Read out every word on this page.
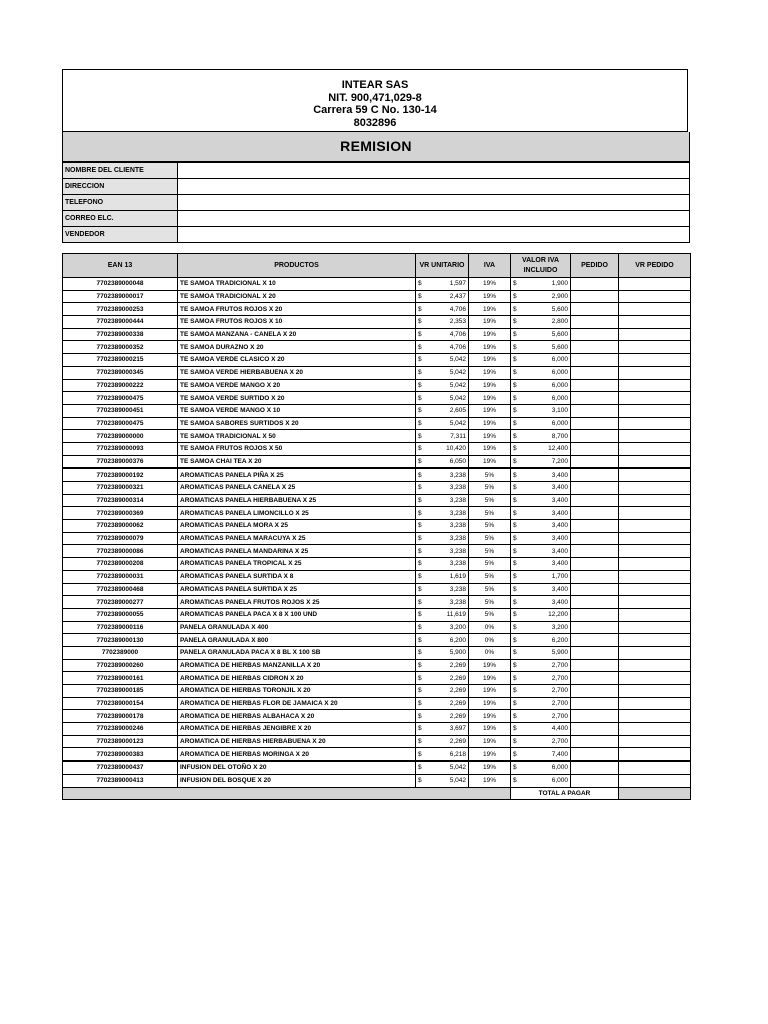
INTEAR SAS
NIT. 900,471,029-8
Carrera 59 C No. 130-14
8032896
REMISION
NOMBRE DEL CLIENTE	
DIRECCION	
TELEFONO	
CORREO ELC.	
VENDEDOR	
EAN 13	PRODUCTOS	VR UNITARIO	IVA	VALOR IVA INCLUIDO	PEDIDO	VR PEDIDO
7702389000048	TE SAMOA TRADICIONAL X 10	$ 1,597	19%	$ 1,900		

7702389000017	TE SAMOA TRADICIONAL X 20	$ 2,437	19%	$ 2,900		

7702389000253	TE SAMOA FRUTOS ROJOS X 20	$ 4,706	19%	$ 5,600		

7702389000444	TE SAMOA FRUTOS ROJOS X 10	$ 2,353	19%	$ 2,800		

7702389000338	TE SAMOA MANZANA - CANELA X 20	$ 4,706	19%	$ 5,600		

7702389000352	TE SAMOA DURAZNO X 20	$ 4,706	19%	$ 5,600		

7702389000215	TE SAMOA VERDE CLASICO X 20	$ 5,042	19%	$ 6,000		

7702389000345	TE SAMOA VERDE HIERBABUENA X 20	$ 5,042	19%	$ 6,000		

7702389000222	TE SAMOA VERDE MANGO X 20	$ 5,042	19%	$ 6,000		

7702389000475	TE SAMOA VERDE SURTIDO X 20	$ 5,042	19%	$ 6,000		

7702389000451	TE SAMOA VERDE MANGO X 10	$ 2,605	19%	$ 3,100		

7702389000475	TE SAMOA SABORES SURTIDOS X 20	$ 5,042	19%	$ 6,000		

7702389000000	TE SAMOA TRADICIONAL X 50	$ 7,311	19%	$ 8,700		

7702389000093	TE SAMOA FRUTOS ROJOS X 50	$ 10,420	19%	$ 12,400		

7702389000376	TE SAMOA CHAI TEA X 20	$ 6,050	19%	$ 7,200		

7702389000192	AROMATICAS PANELA PIÑA X 25	$ 3,238	5%	$ 3,400		

7702389000321	AROMATICAS PANELA CANELA X 25	$ 3,238	5%	$ 3,400		

7702389000314	AROMATICAS PANELA HIERBABUENA X 25	$ 3,238	5%	$ 3,400		

7702389000369	AROMATICAS PANELA LIMONCILLO X 25	$ 3,238	5%	$ 3,400		

7702389000062	AROMATICAS PANELA MORA X 25	$ 3,238	5%	$ 3,400		

7702389000079	AROMATICAS PANELA MARACUYA X 25	$ 3,238	5%	$ 3,400		

7702389000086	AROMATICAS PANELA MANDARINA X 25	$ 3,238	5%	$ 3,400		

7702389000208	AROMATICAS PANELA TROPICAL X 25	$ 3,238	5%	$ 3,400		

7702389000031	AROMATICAS PANELA SURTIDA X 8	$ 1,619	5%	$ 1,700		

7702389000468	AROMATICAS PANELA SURTIDA X 25	$ 3,238	5%	$ 3,400		

7702389000277	AROMATICAS PANELA FRUTOS ROJOS X 25	$ 3,238	5%	$ 3,400		

7702389000055	AROMATICAS PANELA PACA X 8 X 100 UND	$ 11,619	5%	$ 12,200		

7702389000116	PANELA GRANULADA X 400	$ 3,200	0%	$ 3,200		

7702389000130	PANELA GRANULADA X 800	$ 6,200	0%	$ 6,200		

7702389000	PANELA GRANULADA PACA X 8 BL X 100 SB	$ 5,900	0%	$ 5,900		

7702389000260	AROMATICA DE HIERBAS MANZANILLA X 20	$ 2,269	19%	$ 2,700		

7702389000161	AROMATICA DE HIERBAS CIDRON X 20	$ 2,269	19%	$ 2,700		

7702389000185	AROMATICA DE HIERBAS TORONJIL X 20	$ 2,269	19%	$ 2,700		

7702389000154	AROMATICA DE HIERBAS FLOR DE JAMAICA X 20	$ 2,269	19%	$ 2,700		

7702389000178	AROMATICA DE HIERBAS ALBAHACA X 20	$ 2,269	19%	$ 2,700		

7702389000246	AROMATICA DE HIERBAS JENGIBRE X 20	$ 3,697	19%	$ 4,400		

7702389000123	AROMATICA DE HIERBAS HIERBABUENA X 20	$ 2,269	19%	$ 2,700		

7702389000383	AROMATICA DE HIERBAS MORINGA X 20	$ 6,218	19%	$ 7,400		

7702389000437	INFUSION DEL OTOÑO X 20	$ 5,042	19%	$ 6,000		

7702389000413	INFUSION DEL BOSQUE X 20	$ 5,042	19%	$ 6,000		

				TOTAL A PAGAR		
